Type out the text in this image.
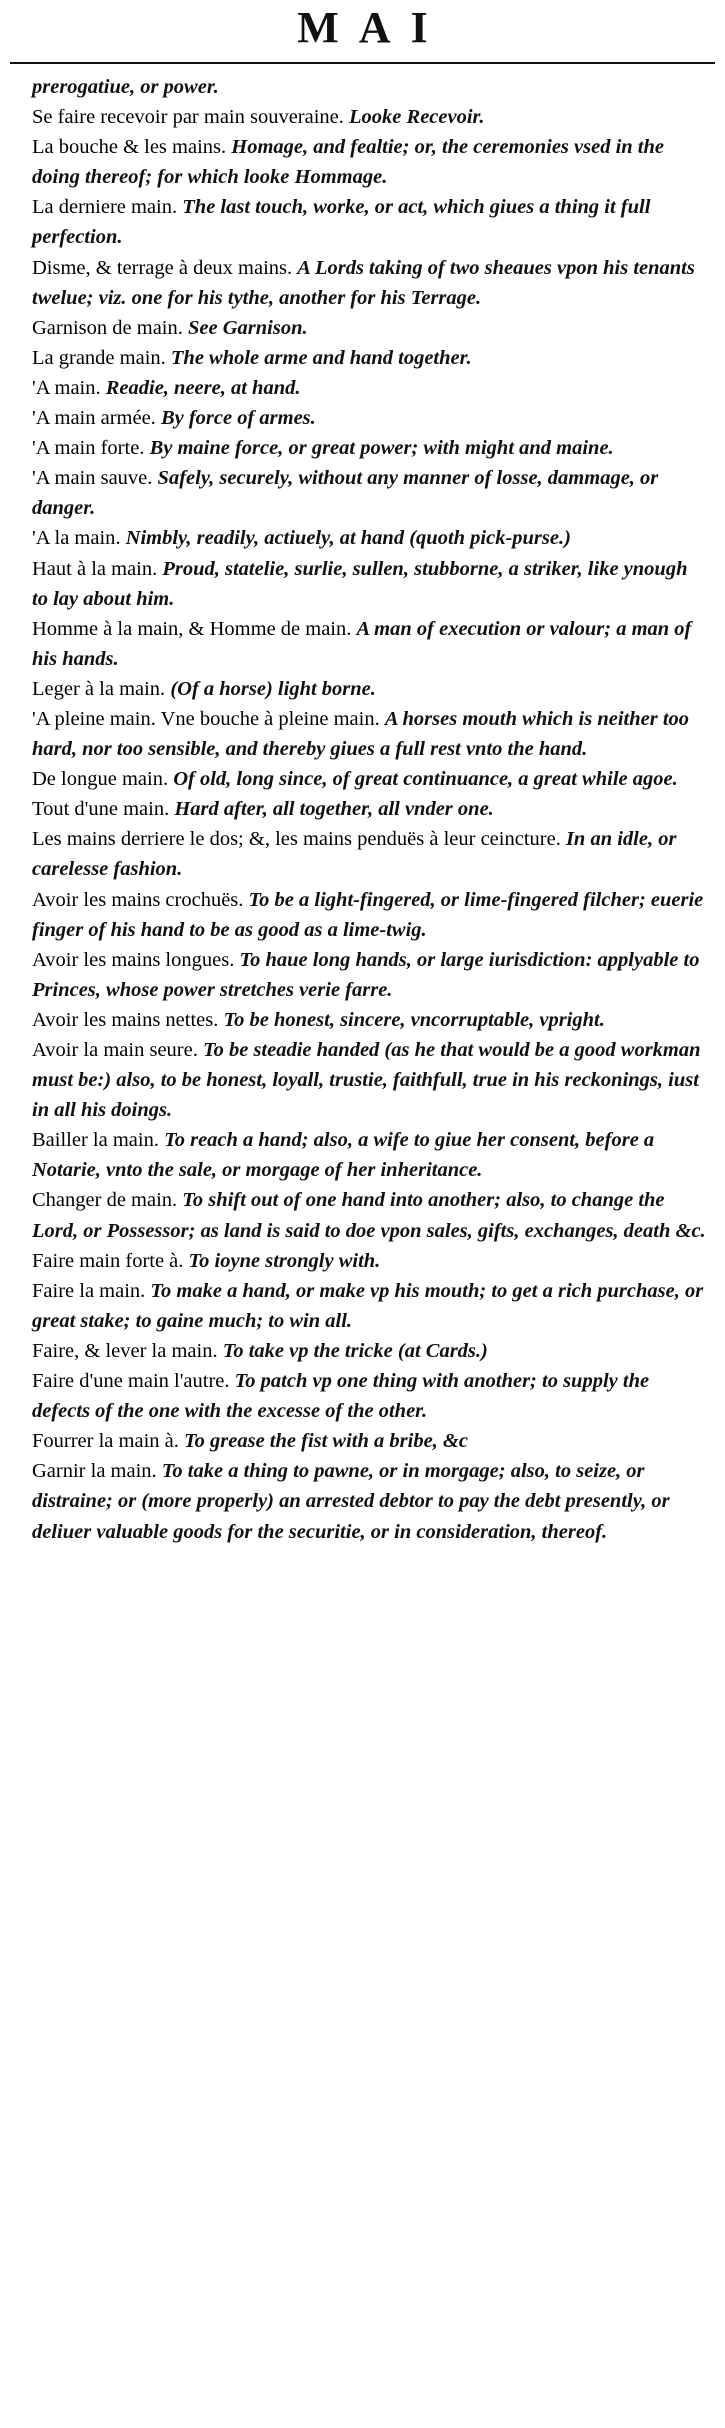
MAI

prerogatiue, or power.

Se faire recevoir par main souveraine. Looke Recevoir.

La bouche & les mains. Homage, and fealtie; or, the ceremonies vsed in the doing thereof; for which looke Hommage.

La derniere main. The last touch, worke, or act, which giues a thing it full perfection.

Disme, & terrage à deux mains. A Lords taking of two sheaues vpon his tenants twelue; viz. one for his tythe, another for his Terrage.

Garnison de main. See Garnison.

La grande main. The whole arme and hand together.

'A main. Readie, neere, at hand.

'A main armée. By force of armes.

'A main forte. By maine force, or great power; with might and maine.

'A main sauve. Safely, securely, without any manner of losse, dammage, or danger.

'A la main. Nimbly, readily, actiuely, at hand (quoth pick-purse.)

Haut à la main. Proud, statelie, surlie, sullen, stubborne, a striker, like ynough to lay about him.

Homme à la main, & Homme de main. A man of execution or valour; a man of his hands.

Leger à la main. (Of a horse) light borne.

'A pleine main. Vne bouche à pleine main. A horses mouth which is neither too hard, nor too sensible, and thereby giues a full rest vnto the hand.

De longue main. Of old, long since, of great continuance, a great while agoe.

Tout d'une main. Hard after, all together, all vnder one.

Les mains derriere le dos; &, les mains penduës à leur ceincture. In an idle, or carelesse fashion.

Avoir les mains crochuës. To be a light-fingered, or lime-fingered filcher; euerie finger of his hand to be as good as a lime-twig.

Avoir les mains longues. To haue long hands, or large iurisdiction: applyable to Princes, whose power stretches verie farre.

Avoir les mains nettes. To be honest, sincere, vncorruptable, vpright.

Avoir la main seure. To be steadie handed (as he that would be a good workman must be:) also, to be honest, loyall, trustie, faithfull, true in his reckonings, iust in all his doings.

Bailler la main. To reach a hand; also, a wife to giue her consent, before a Notarie, vnto the sale, or morgage of her inheritance.

Changer de main. To shift out of one hand into another; also, to change the Lord, or Possessor; as land is said to doe vpon sales, gifts, exchanges, death &c.

Faire main forte à. To ioyne strongly with.

Faire la main. To make a hand, or make vp his mouth; to get a rich purchase, or great stake; to gaine much; to win all.

Faire, & lever la main. To take vp the tricke (at Cards.)

Faire d'une main l'autre. To patch vp one thing with another; to supply the defects of the one with the excesse of the other.

Fourrer la main à. To grease the fist with a bribe, &c

Garnir la main. To take a thing to pawne, or in morgage; also, to seize, or distraine; or (more properly) an arrested debtor to pay the debt presently, or deliuer valuable goods for the securitie, or in consideration, thereof.
